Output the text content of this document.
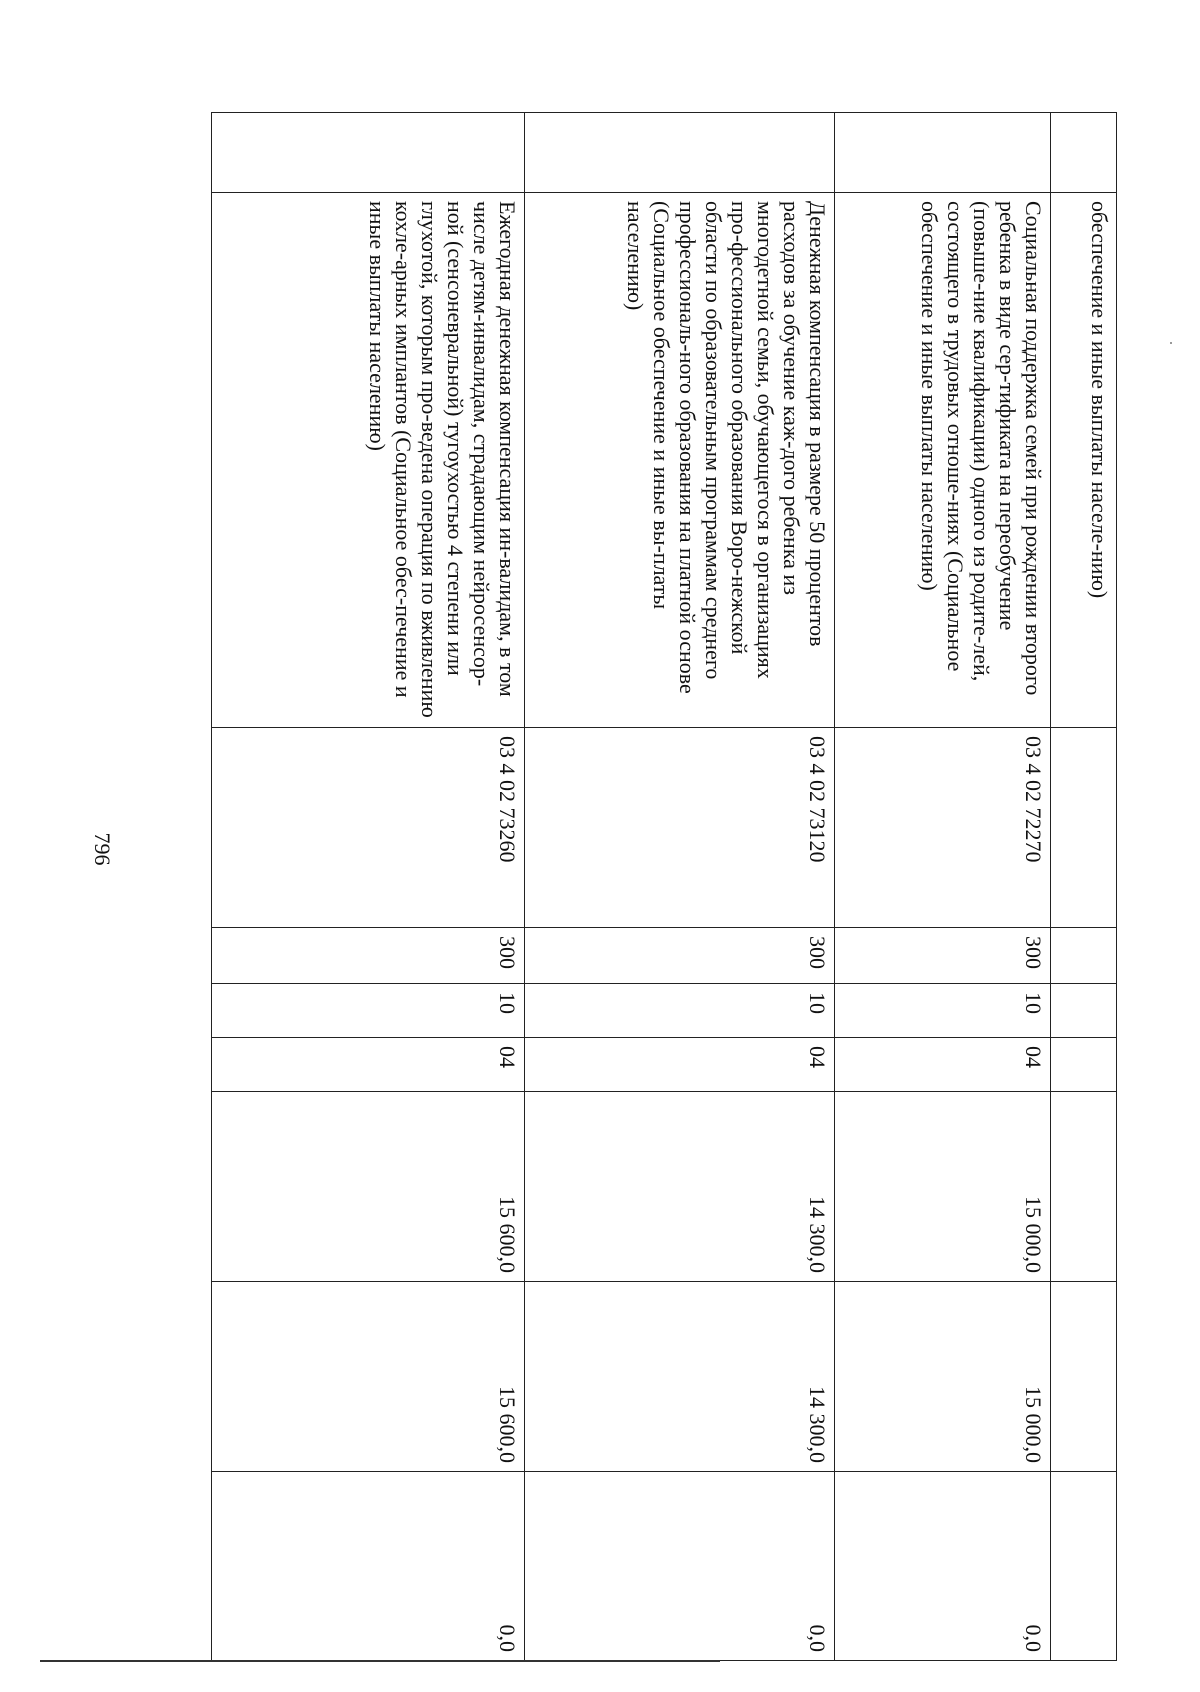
796
	обеспечение и иные выплаты населе-нию)							
	Социальная поддержка семей при рождении второго ребенка в виде сер-тификата на переобучение (повыше-ние квалификации) одного из родите-лей, состоящего в трудовых отноше-ниях (Социальное обеспечение и иные выплаты населению)	03 4 02 72270	300	10	04	15 000,0	15 000,0	0,0
	Денежная компенсация в размере 50 процентов расходов за обучение каж-дого ребенка из многодетной семьи, обучающегося в организациях про-фессионального образования Воро-нежской области по образовательным программам среднего профессиональ-ного образования на платной основе (Социальное обеспечение и иные вы-платы населению)	03 4 02 73120	300	10	04	14 300,0	14 300,0	0,0
	Ежегодная денежная компенсация ин-валидам, в том числе детям-инвалидам, страдающим нейросенсор-ной (сенсоневральной) тугоухостью 4 степени или глухотой, которым про-ведена операция по вживлению кохле-арных имплантов (Социальное обес-печение и иные выплаты населению)	03 4 02 73260	300	10	04	15 600,0	15 600,0	0,0
